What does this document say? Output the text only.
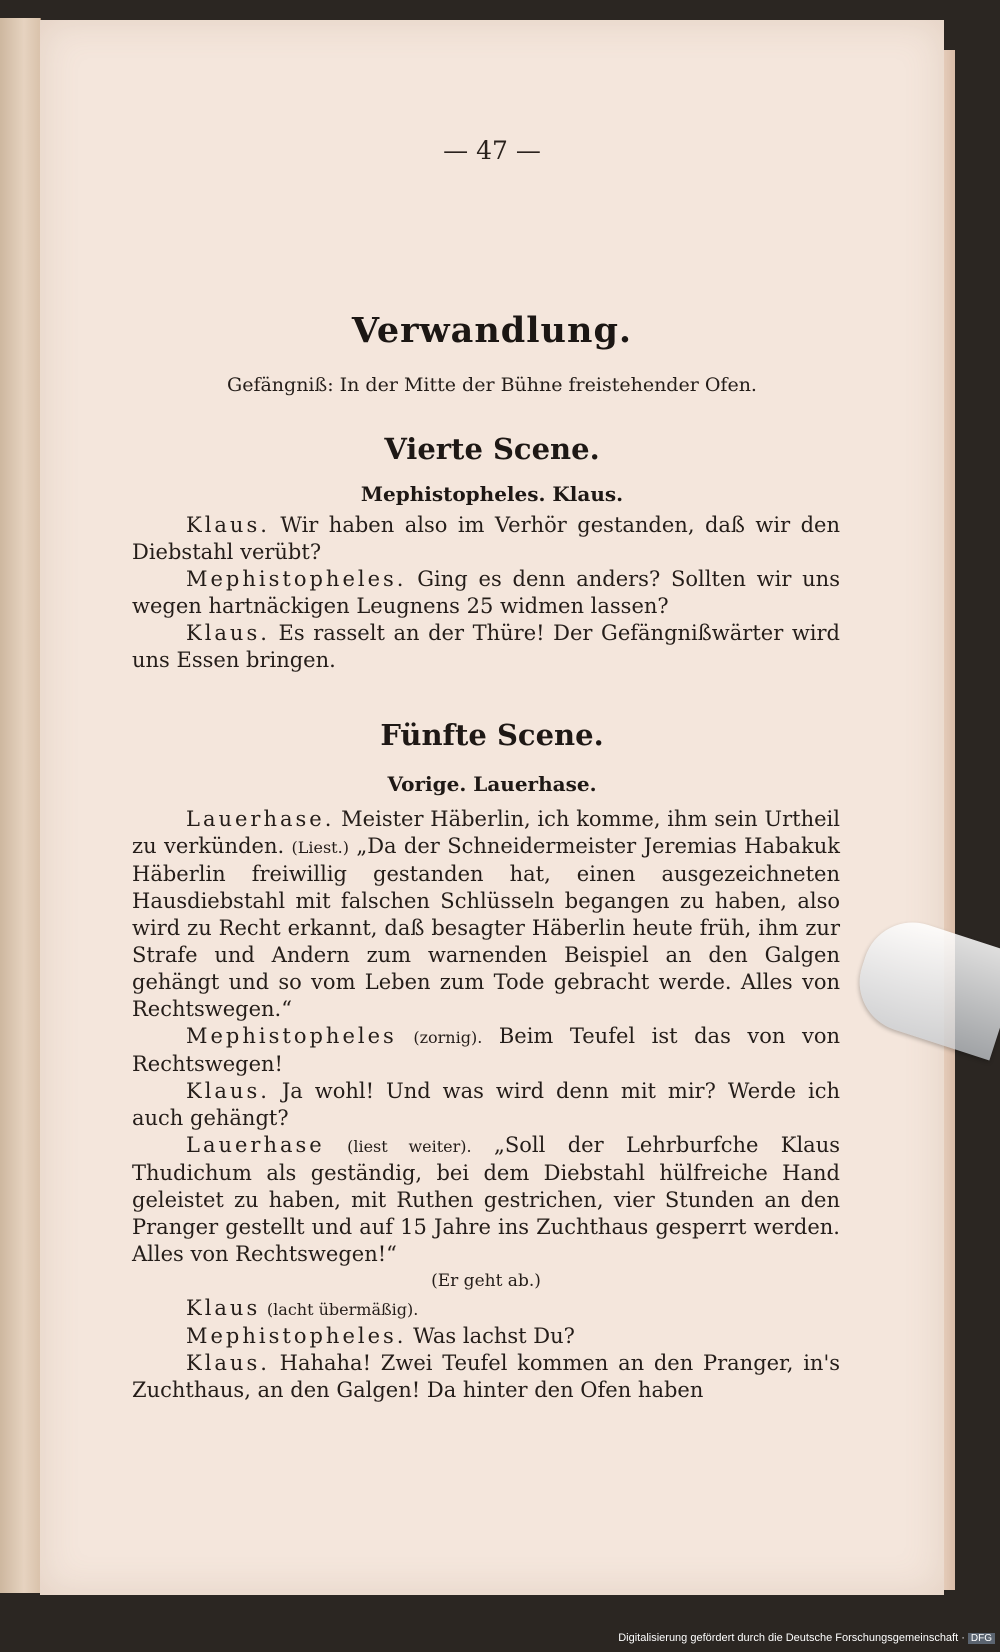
— 47 —
Verwandlung.
Gefängniß: In der Mitte der Bühne freistehender Ofen.
Vierte Scene.
Mephistopheles. Klaus.

Klaus. Wir haben also im Verhör gestanden, daß wir den Diebstahl verübt?

Mephistopheles. Ging es denn anders? Sollten wir uns wegen hartnäckigen Leugnens 25 widmen lassen?

Klaus. Es rasselt an der Thüre! Der Gefängnißwärter wird uns Essen bringen.

Fünfte Scene.
Vorige. Lauerhase.

Lauerhase. Meister Häberlin, ich komme, ihm sein Urtheil zu verkünden. (Liest.) „Da der Schneidermeister Jeremias Habakuk Häberlin freiwillig gestanden hat, einen ausgezeichneten Hausdiebstahl mit falschen Schlüsseln begangen zu haben, also wird zu Recht erkannt, daß besagter Häberlin heute früh, ihm zur Strafe und Andern zum warnenden Beispiel an den Galgen gehängt und so vom Leben zum Tode gebracht werde. Alles von Rechtswegen.“

Mephistopheles (zornig). Beim Teufel ist das von von Rechtswegen!

Klaus. Ja wohl! Und was wird denn mit mir? Werde ich auch gehängt?

Lauerhase (liest weiter). „Soll der Lehrburfche Klaus Thudichum als geständig, bei dem Diebstahl hülfreiche Hand geleistet zu haben, mit Ruthen gestrichen, vier Stunden an den Pranger gestellt und auf 15 Jahre ins Zuchthaus gesperrt werden. Alles von Rechtswegen!“

(Er geht ab.)

Klaus (lacht übermäßig).

Mephistopheles. Was lachst Du?

Klaus. Hahaha! Zwei Teufel kommen an den Pranger, in's Zuchthaus, an den Galgen! Da hinter den Ofen haben

Digitalisierung gefördert durch die Deutsche Forschungsgemeinschaft · DFG
